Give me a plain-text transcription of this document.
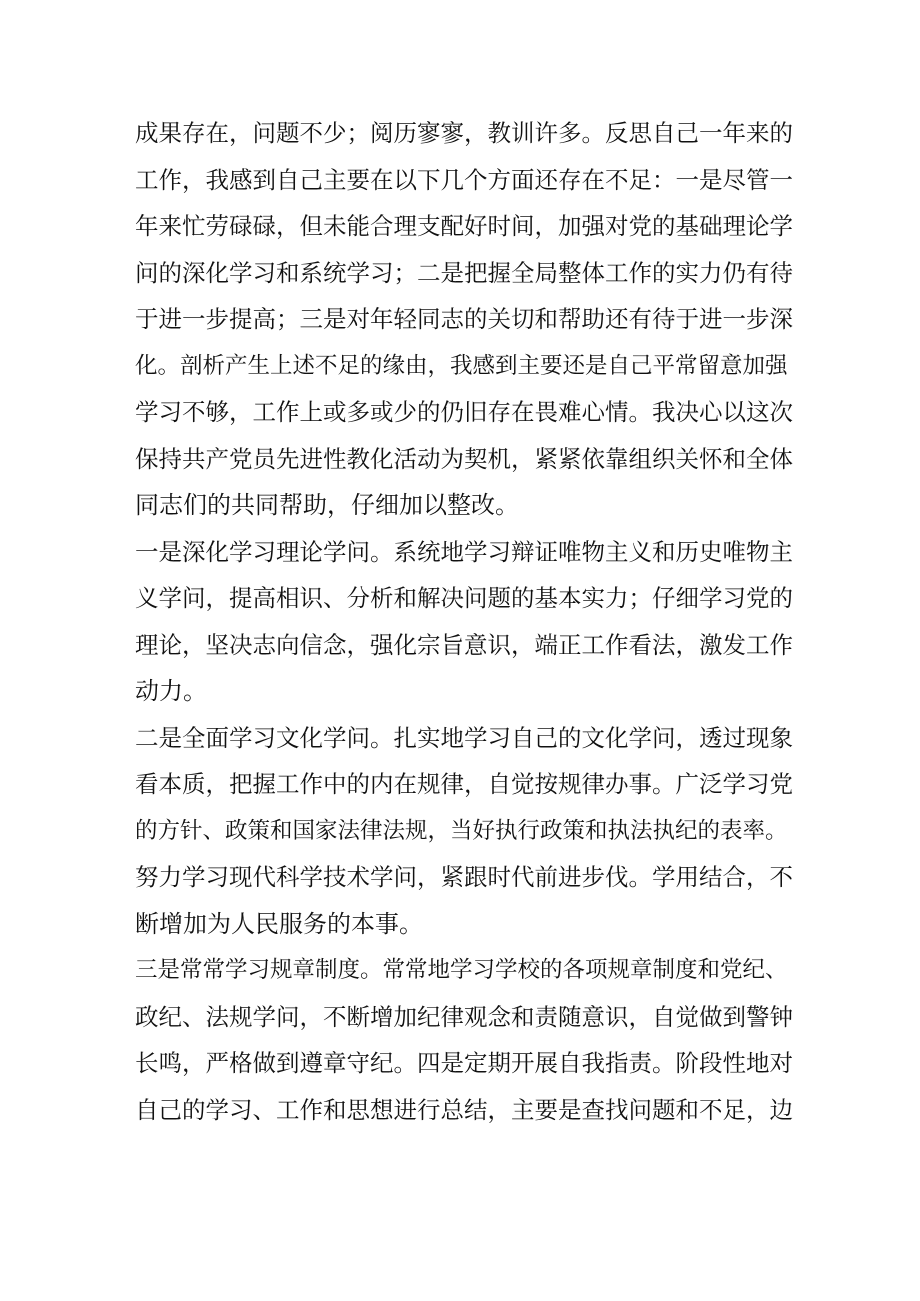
成果存在，问题不少；阅历寥寥，教训许多。反思自己一年来的
工作，我感到自己主要在以下几个方面还存在不足：一是尽管一
年来忙劳碌碌，但未能合理支配好时间，加强对党的基础理论学
问的深化学习和系统学习；二是把握全局整体工作的实力仍有待
于进一步提高；三是对年轻同志的关切和帮助还有待于进一步深
化。剖析产生上述不足的缘由，我感到主要还是自己平常留意加强
学习不够，工作上或多或少的仍旧存在畏难心情。我决心以这次
保持共产党员先进性教化活动为契机，紧紧依靠组织关怀和全体
同志们的共同帮助，仔细加以整改。
一是深化学习理论学问。系统地学习辩证唯物主义和历史唯物主
义学问，提高相识、分析和解决问题的基本实力；仔细学习党的
理论，坚决志向信念，强化宗旨意识，端正工作看法，激发工作
动力。
二是全面学习文化学问。扎实地学习自己的文化学问，透过现象
看本质，把握工作中的内在规律，自觉按规律办事。广泛学习党
的方针、政策和国家法律法规，当好执行政策和执法执纪的表率。
努力学习现代科学技术学问，紧跟时代前进步伐。学用结合，不
断增加为人民服务的本事。
三是常常学习规章制度。常常地学习学校的各项规章制度和党纪、
政纪、法规学问，不断增加纪律观念和责随意识，自觉做到警钟
长鸣，严格做到遵章守纪。四是定期开展自我指责。阶段性地对
自己的学习、工作和思想进行总结，主要是查找问题和不足，边
